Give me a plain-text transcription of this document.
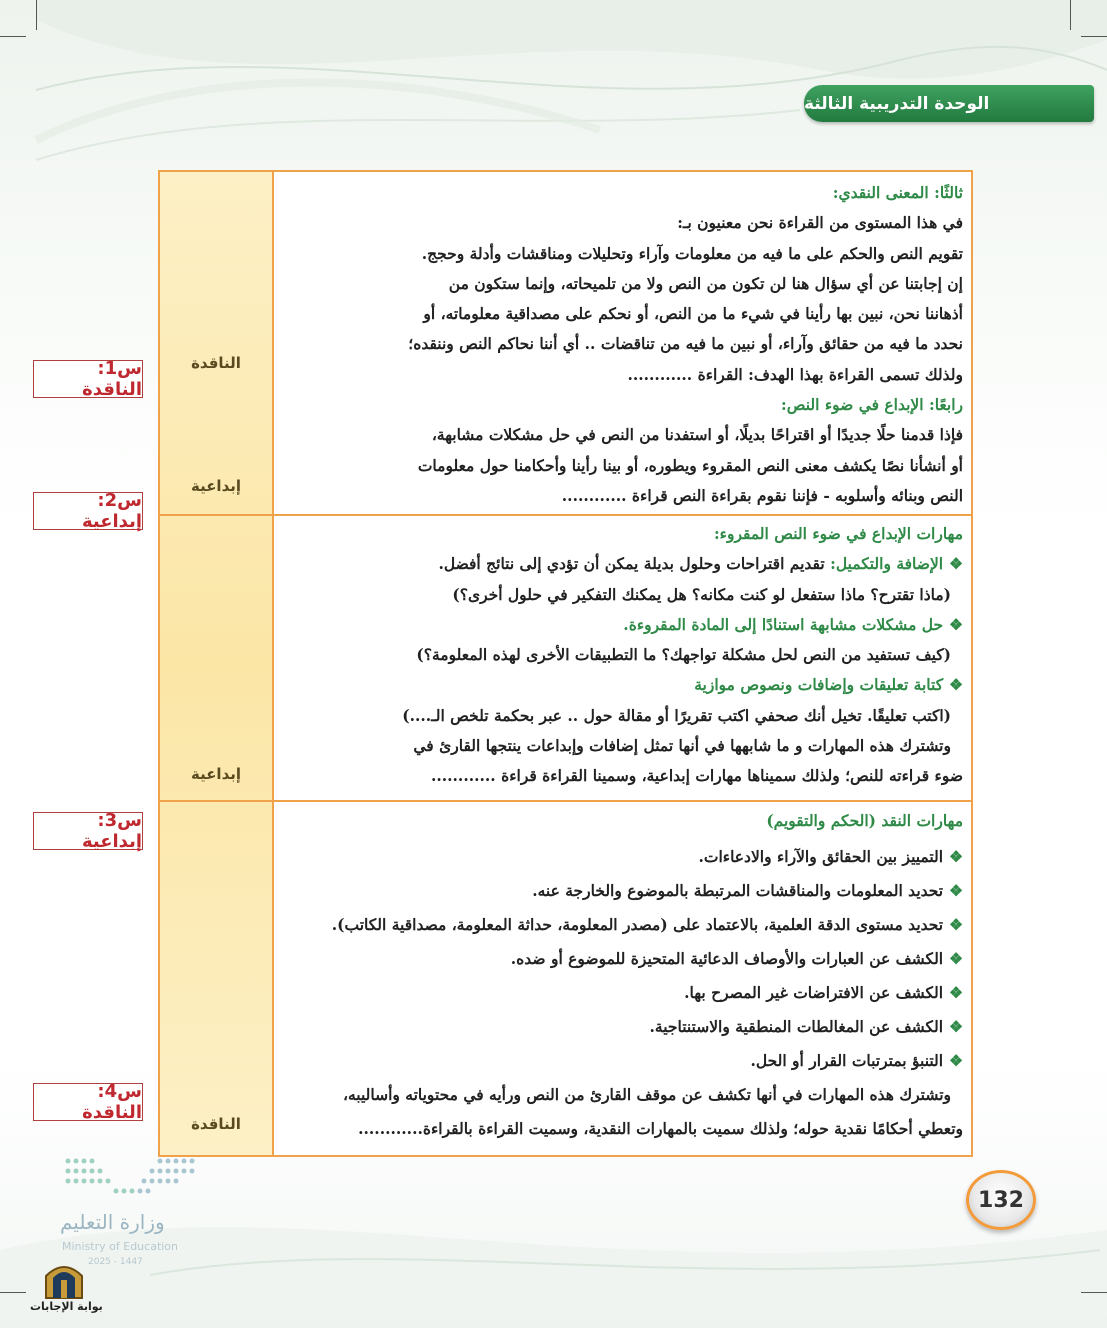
الوحدة التدريبية الثالثة
الناقدة
إبداعية
إبداعية
الناقدة
س1: الناقدة
س2: إبداعية
س3: إبداعية
س4: الناقدة

ثالثًا: المعنى النقدي:

في هذا المستوى من القراءة نحن معنيون بـ:

تقويم النص والحكم على ما فيه من معلومات وآراء وتحليلات ومناقشات وأدلة وحجج.

إن إجابتنا عن أي سؤال هنا لن تكون من النص ولا من تلميحاته، وإنما ستكون من

أذهاننا نحن، نبين بها رأينا في شيء ما من النص، أو نحكم على مصداقية معلوماته، أو

نحدد ما فيه من حقائق وآراء، أو نبين ما فيه من تناقضات .. أي أننا نحاكم النص وننقده؛

ولذلك تسمى القراءة بهذا الهدف: القراءة ............

رابعًا: الإبداع في ضوء النص:

فإذا قدمنا حلًا جديدًا أو اقتراحًا بديلًا، أو استفدنا من النص في حل مشكلات مشابهة،

أو أنشأنا نصًا يكشف معنى النص المقروء ويطوره، أو بينا رأينا وأحكامنا حول معلومات

النص وبنائه وأسلوبه - فإننا نقوم بقراءة النص قراءة ............

مهارات الإبداع في ضوء النص المقروء:

❖الإضافة والتكميل: تقديم اقتراحات وحلول بديلة يمكن أن تؤدي إلى نتائج أفضل.

(ماذا تقترح؟ ماذا ستفعل لو كنت مكانه؟ هل يمكنك التفكير في حلول أخرى؟)

❖حل مشكلات مشابهة استنادًا إلى المادة المقروءة.

(كيف تستفيد من النص لحل مشكلة تواجهك؟ ما التطبيقات الأخرى لهذه المعلومة؟)

❖كتابة تعليقات وإضافات ونصوص موازية

(اكتب تعليقًا. تخيل أنك صحفي اكتب تقريرًا أو مقالة حول .. عبر بحكمة تلخص الـ....)

وتشترك هذه المهارات و ما شابهها في أنها تمثل إضافات وإبداعات ينتجها القارئ في

ضوء قراءته للنص؛ ولذلك سميناها مهارات إبداعية، وسمينا القراءة قراءة ............

مهارات النقد (الحكم والتقويم)

❖التمييز بين الحقائق والآراء والادعاءات.

❖تحديد المعلومات والمناقشات المرتبطة بالموضوع والخارجة عنه.

❖تحديد مستوى الدقة العلمية، بالاعتماد على (مصدر المعلومة، حداثة المعلومة، مصداقية الكاتب).

❖الكشف عن العبارات والأوصاف الدعائية المتحيزة للموضوع أو ضده.

❖الكشف عن الافتراضات غير المصرح بها.

❖الكشف عن المغالطات المنطقية والاستنتاجية.

❖التنبؤ بمترتبات القرار أو الحل.

وتشترك هذه المهارات في أنها تكشف عن موقف القارئ من النص ورأيه في محتوياته وأساليبه،

وتعطي أحكامًا نقدية حوله؛ ولذلك سميت بالمهارات النقدية، وسميت القراءة بالقراءة............

132
وزارة التعليم
Ministry of Education
2025 - 1447
بوابة الإجابات
